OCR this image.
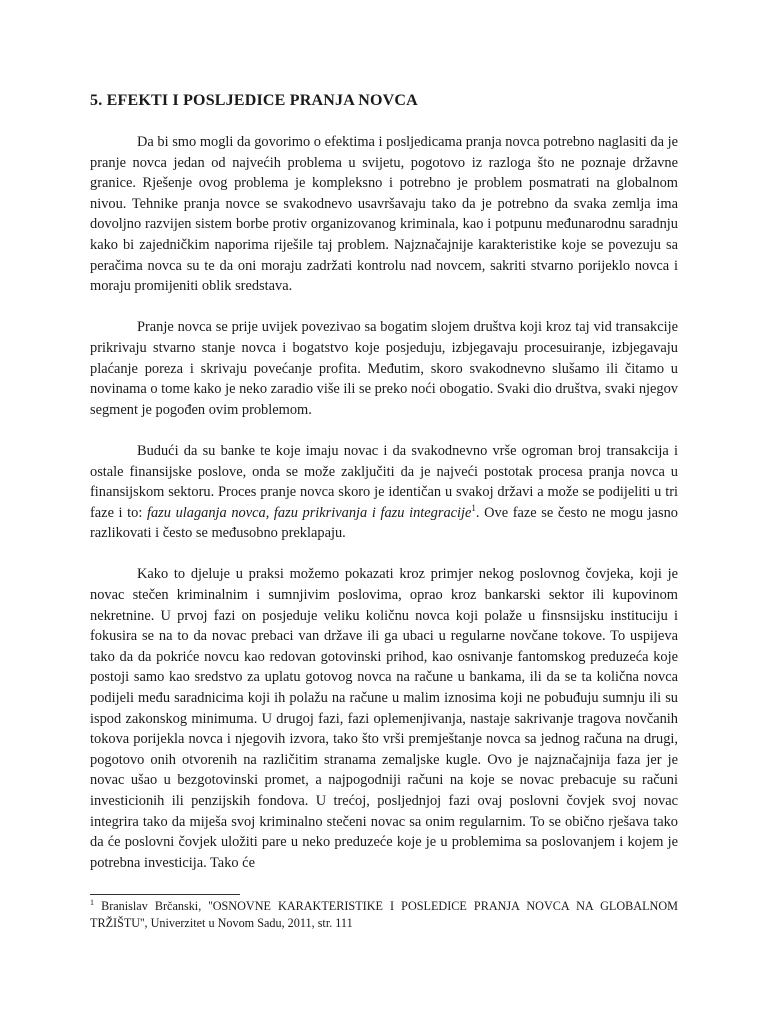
5. EFEKTI I POSLJEDICE PRANJA NOVCA

Da bi smo mogli da govorimo o efektima i posljedicama pranja novca potrebno naglasiti da je pranje novca jedan od najvećih problema u svijetu, pogotovo iz razloga što ne poznaje državne granice. Rješenje ovog problema je kompleksno i potrebno je problem posmatrati na globalnom nivou. Tehnike pranja novce se svakodnevo usavršavaju tako da je potrebno da svaka zemlja ima dovoljno razvijen sistem borbe protiv organizovanog kriminala, kao i potpunu međunarodnu saradnju kako bi zajedničkim naporima riješile taj problem. Najznačajnije karakteristike koje se povezuju sa peračima novca su te da oni moraju zadržati kontrolu nad novcem, sakriti stvarno porijeklo novca i moraju promijeniti oblik sredstava.

Pranje novca se prije uvijek povezivao sa bogatim slojem društva koji kroz taj vid transakcije prikrivaju stvarno stanje novca i bogatstvo koje posjeduju, izbjegavaju procesuiranje, izbjegavaju plaćanje poreza i skrivaju povećanje profita. Međutim, skoro svakodnevno slušamo ili čitamo u novinama o tome kako je neko zaradio više ili se preko noći obogatio. Svaki dio društva, svaki njegov segment je pogođen ovim problemom.

Budući da su banke te koje imaju novac i da svakodnevno vrše ogroman broj transakcija i ostale finansijske poslove, onda se može zaključiti da je najveći postotak procesa pranja novca u finansijskom sektoru. Proces pranje novca skoro je identičan u svakoj državi a može se podijeliti u tri faze i to: fazu ulaganja novca, fazu prikrivanja i fazu integracije$^1$. Ove faze se često ne mogu jasno razlikovati i često se međusobno preklapaju.

Kako to djeluje u praksi možemo pokazati kroz primjer nekog poslovnog čovjeka, koji je novac stečen kriminalnim i sumnjivim poslovima, oprao kroz bankarski sektor ili kupovinom nekretnine. U prvoj fazi on posjeduje veliku količnu novca koji polaže u finsnsijsku instituciju i fokusira se na to da novac prebaci van države ili ga ubaci u regularne novčane tokove. To uspijeva tako da da pokriće novcu kao redovan gotovinski prihod, kao osnivanje fantomskog preduzeća koje postoji samo kao sredstvo za uplatu gotovog novca na račune u bankama, ili da se ta količna novca podijeli među saradnicima koji ih polažu na račune u malim iznosima koji ne pobuđuju sumnju ili su ispod zakonskog minimuma. U drugoj fazi, fazi oplemenjivanja, nastaje sakrivanje tragova novčanih tokova porijekla novca i njegovih izvora, tako što vrši premještanje novca sa jednog računa na drugi, pogotovo onih otvorenih na različitim stranama zemaljske kugle. Ovo je najznačajnija faza jer je novac ušao u bezgotovinski promet, a najpogodniji računi na koje se novac prebacuje su računi investicionih ili penzijskih fondova. U trećoj, posljednjoj fazi ovaj poslovni čovjek svoj novac integrira tako da miješa svoj kriminalno stečeni novac sa onim regularnim. To se obično rješava tako da će poslovni čovjek uložiti pare u neko preduzeće koje je u problemima sa poslovanjem i kojem je potrebna investicija. Tako će

$^1$ Branislav Brčanski, ''OSNOVNE KARAKTERISTIKE I POSLEDICE PRANJA NOVCA NA GLOBALNOM TRŽIŠTU'', Univerzitet u Novom Sadu, 2011, str. 111
